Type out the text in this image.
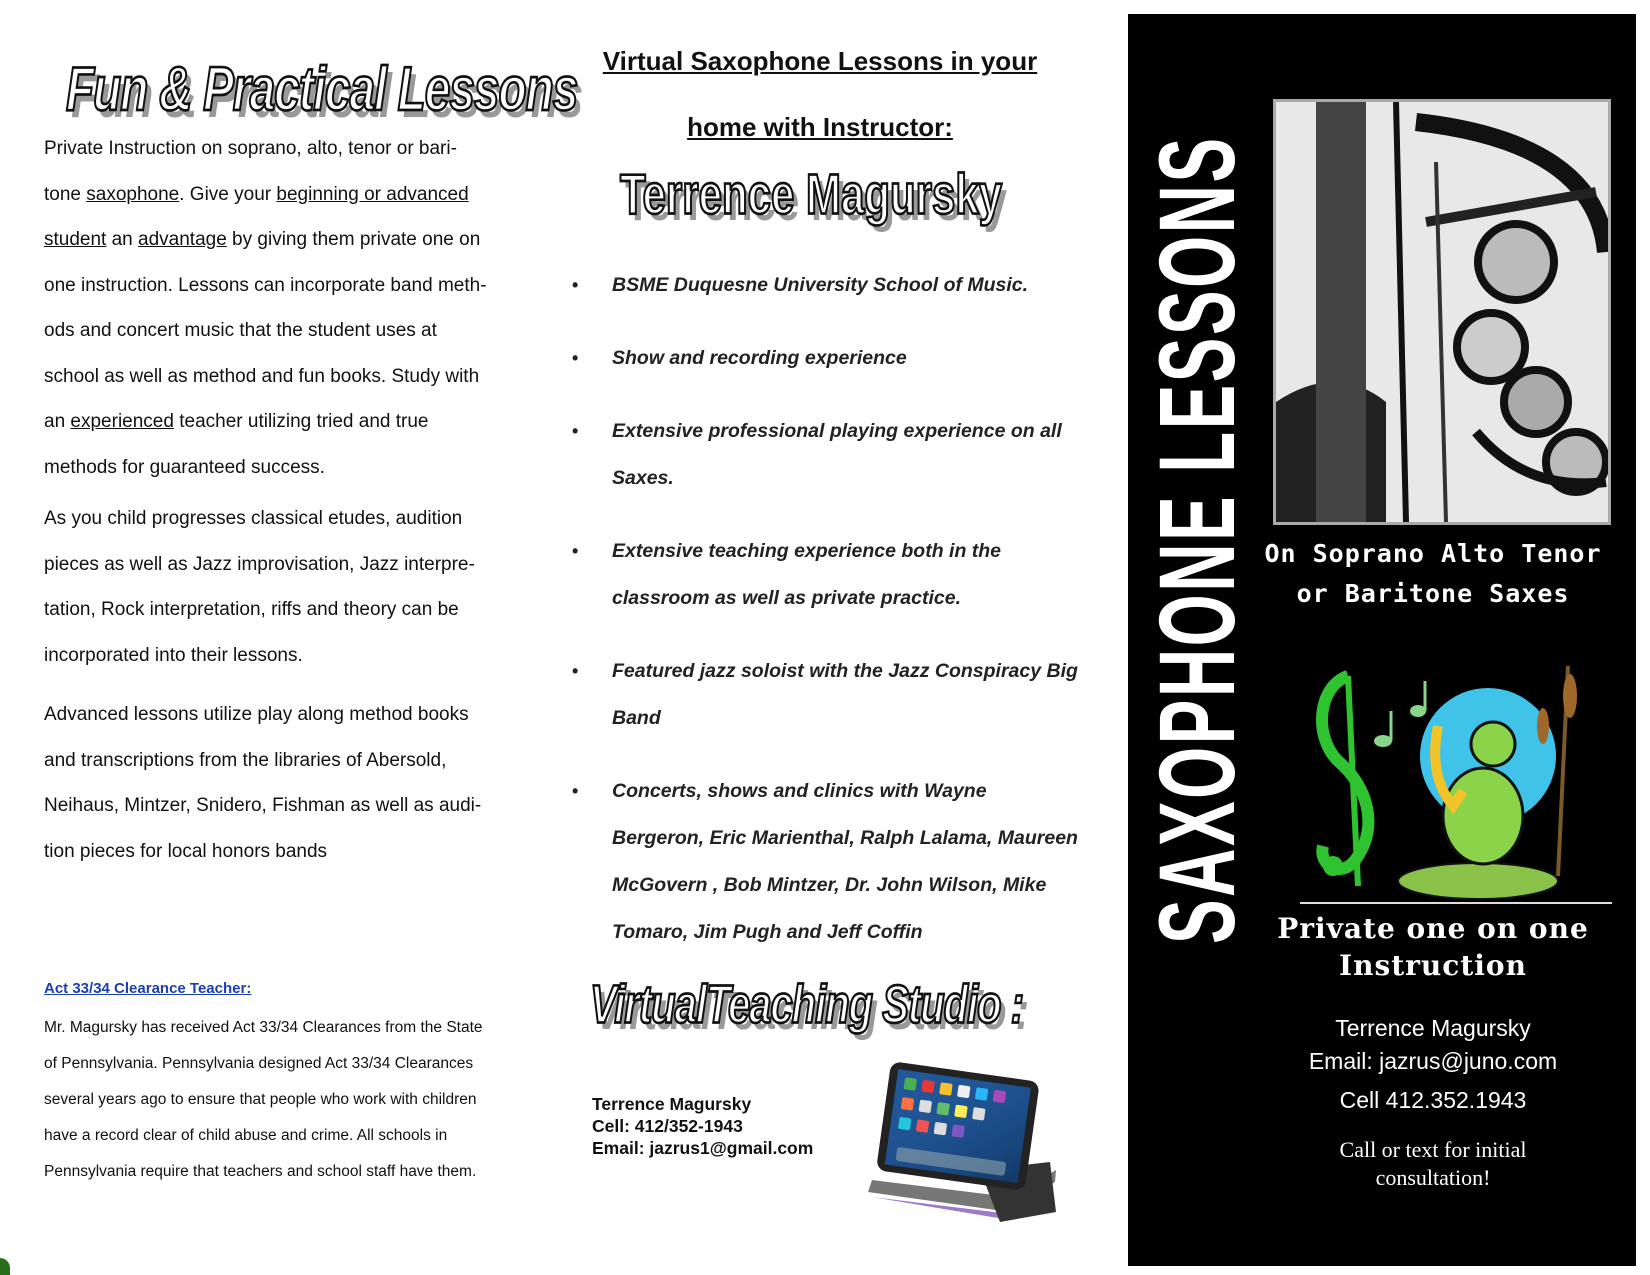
Fun & Practical Lessons
Private Instruction on soprano, alto, tenor or bari-
tone saxophone. Give your beginning or advanced
student an advantage by giving them private one on
one instruction. Lessons can incorporate band meth-
ods and concert music that the student uses at
school as well as method and fun books. Study with
an experienced teacher utilizing tried and true
methods for guaranteed success.
As you child progresses classical etudes, audition
pieces as well as Jazz improvisation, Jazz interpre-
tation, Rock interpretation, riffs and theory can be
incorporated into their lessons.
Advanced lessons utilize play along method books
and transcriptions from the libraries of Abersold,
Neihaus, Mintzer, Snidero, Fishman as well as audi-
tion pieces for local honors bands
Act 33/34 Clearance Teacher:
Mr. Magursky has received Act 33/34 Clearances from the State
of Pennsylvania. Pennsylvania designed Act 33/34 Clearances
several years ago to ensure that people who work with children
have a record clear of child abuse and crime. All schools in
Pennsylvania require that teachers and school staff have them.
Virtual Saxophone Lessons in your
home with Instructor:
Terrence Magursky
• BSME Duquesne University School of Music.
• Show and recording experience
• Extensive professional playing experience on all Saxes.
• Extensive teaching experience both in the classroom as well as private practice.
• Featured jazz soloist with the Jazz Conspiracy Big Band
• Concerts, shows and clinics with Wayne Bergeron, Eric Marienthal, Ralph Lalama, Maureen McGovern , Bob Mintzer, Dr. John Wilson, Mike Tomaro, Jim Pugh and Jeff Coffin
VirtualTeaching Studio :
Terrence Magursky
Cell: 412/352-1943
Email: jazrus1@gmail.com
SAXOPHONE LESSONS On Soprano Alto Tenor
or Baritone Saxes
Private one on one
Instruction
Terrence Magursky
Email: jazrus@juno.com
Cell 412.352.1943
Call or text for initial
consultation!
